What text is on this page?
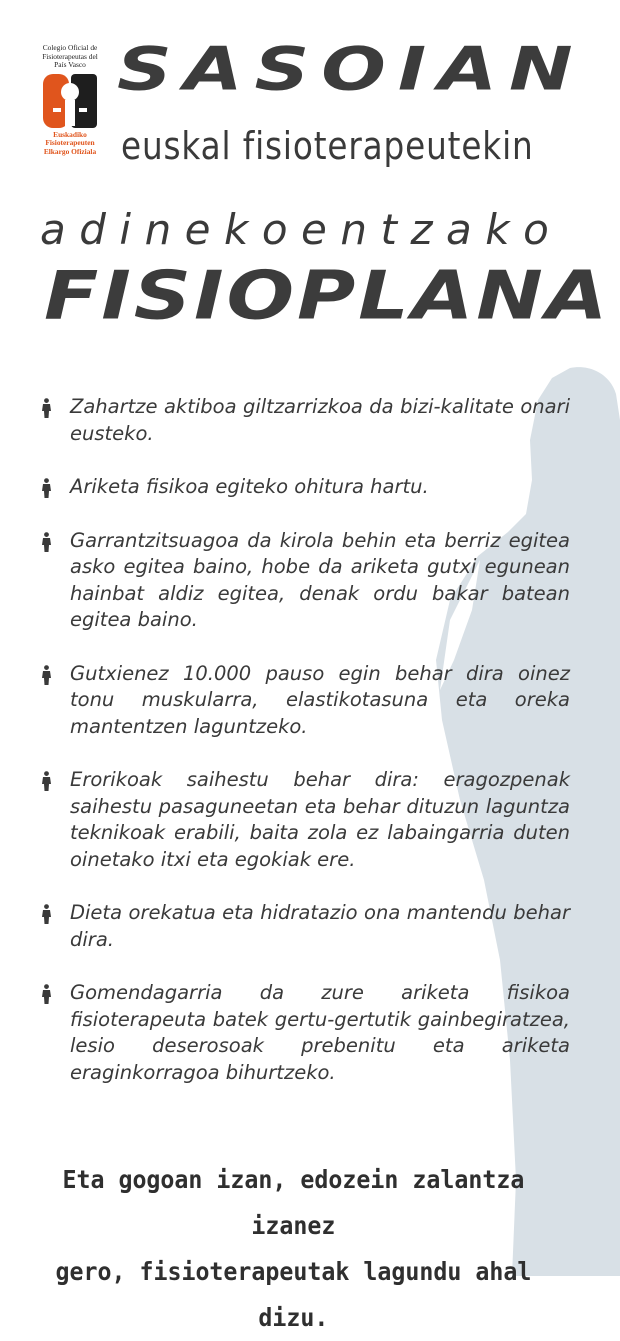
Colegio Oficial de Fisioterapeutas del País Vasco
Euskadiko Fisioterapeuten Elkargo Ofiziala
SASOIAN
euskal fisioterapeutekin
adinekoentzako
FISIOPLANA
Zahartze aktiboa giltzarrizkoa da bizi-kalitate onari eusteko.
Ariketa fisikoa egiteko ohitura hartu.
Garrantzitsuagoa da kirola behin eta berriz egitea asko egitea baino, hobe da ariketa gutxi egunean hainbat aldiz egitea, denak ordu bakar batean egitea baino.
Gutxienez 10.000 pauso egin behar dira oinez tonu muskularra, elastikotasuna eta oreka mantentzen laguntzeko.
Erorikoak saihestu behar dira: eragozpenak saihestu pasaguneetan eta behar dituzun laguntza teknikoak erabili, baita zola ez labaingarria duten oinetako itxi eta egokiak ere.
Dieta orekatua eta hidratazio ona mantendu behar dira.
Gomendagarria da zure ariketa fisikoa fisioterapeuta batek gertu-gertutik gainbegiratzea, lesio deserosoak prebenitu eta ariketa eraginkorragoa bihurtzeko.
Eta gogoan izan, edozein zalantza izanez
gero, fisioterapeutak lagundu ahal dizu.
